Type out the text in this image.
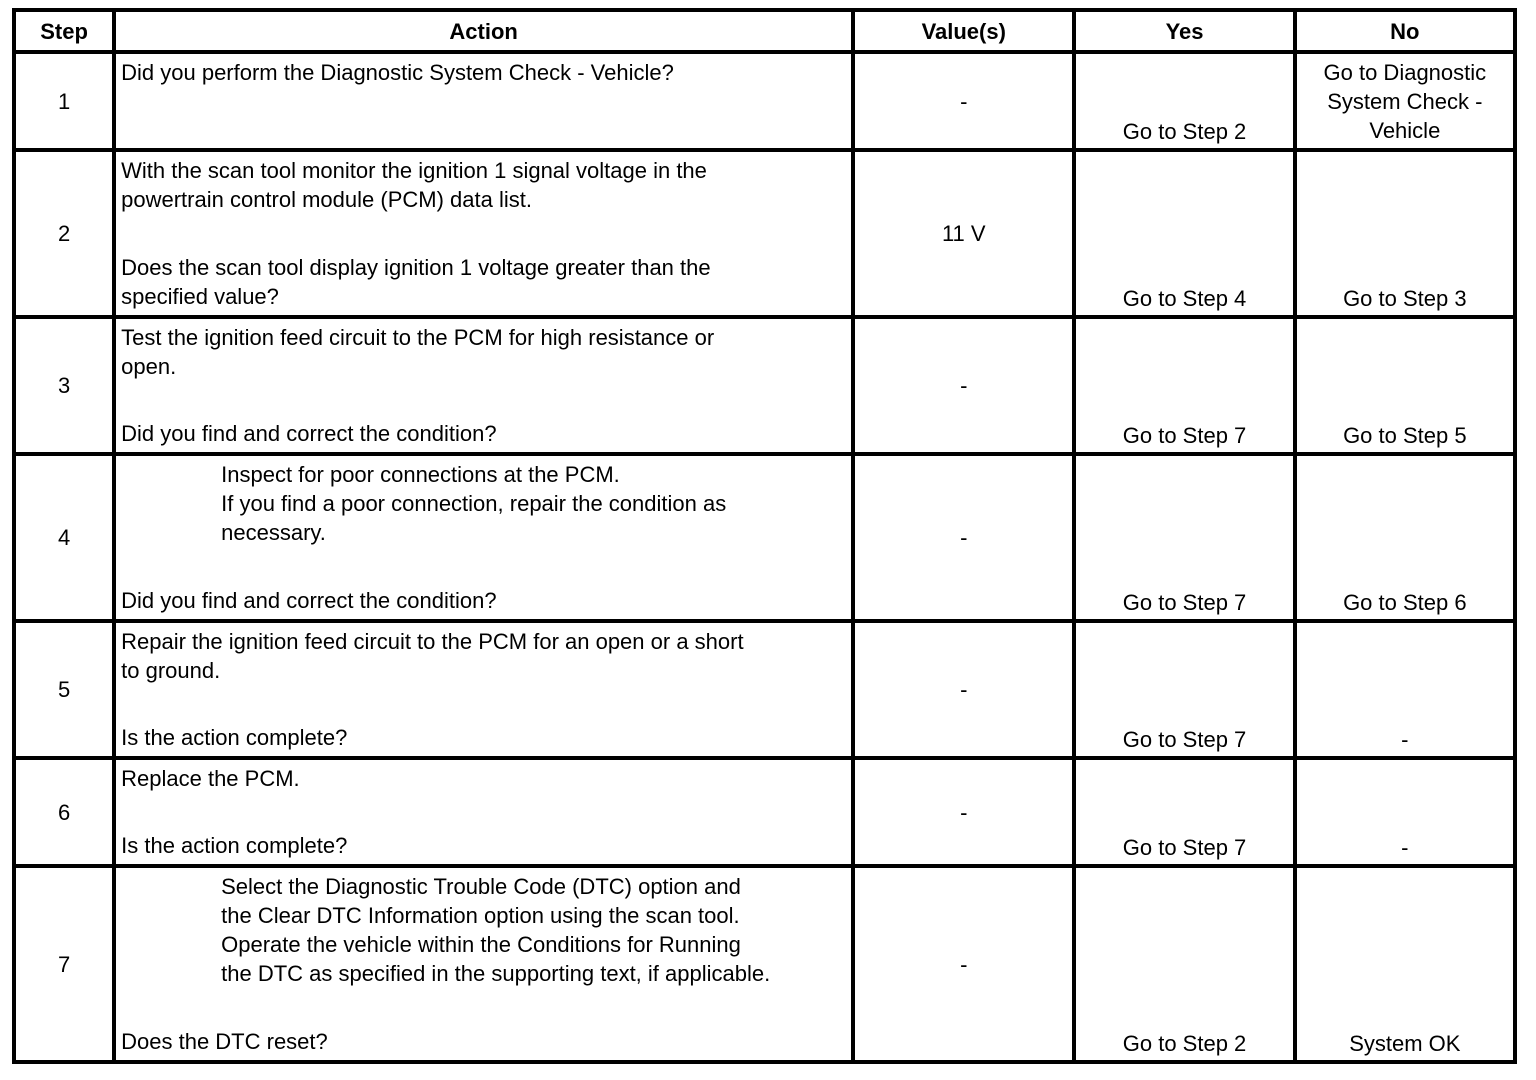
Step	Action	Value(s)	Yes	No
1	Did you perform the Diagnostic System Check - Vehicle?	-	Go to Step 2	Go to Diagnostic
System Check -
Vehicle
2	With the scan tool monitor the ignition 1 signal voltage in the
powertrain control module (PCM) data list.
Does the scan tool display ignition 1 voltage greater than the
specified value?	11 V	Go to Step 4	Go to Step 3
3	Test the ignition feed circuit to the PCM for high resistance or
open.
Did you find and correct the condition?	-	Go to Step 7	Go to Step 5
4	Inspect for poor connections at the PCM.
If you find a poor connection, repair the condition as
necessary.
Did you find and correct the condition?	-	Go to Step 7	Go to Step 6
5	Repair the ignition feed circuit to the PCM for an open or a short
to ground.
Is the action complete?	-	Go to Step 7	-
6	Replace the PCM.
Is the action complete?	-	Go to Step 7	-
7	Select the Diagnostic Trouble Code (DTC) option and
the Clear DTC Information option using the scan tool.
Operate the vehicle within the Conditions for Running
the DTC as specified in the supporting text, if applicable.
Does the DTC reset?	-	Go to Step 2	System OK
